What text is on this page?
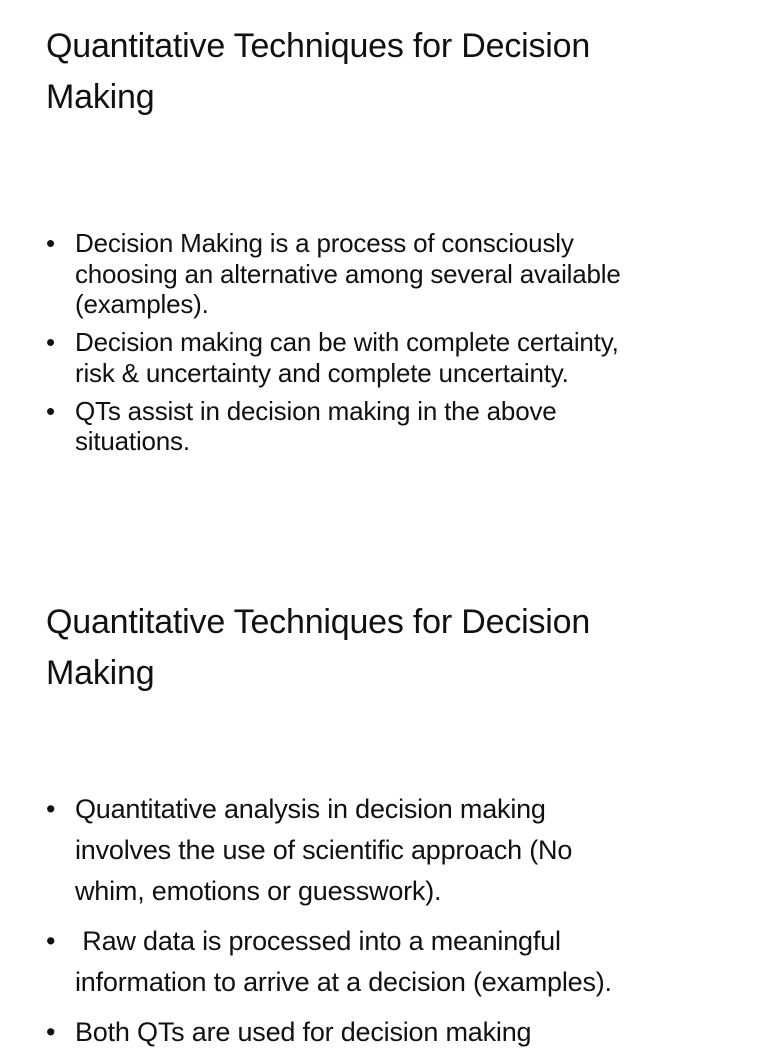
Quantitative Techniques for Decision
Making
• Decision Making is a process of consciously
choosing an alternative among several available
(examples).
• Decision making can be with complete certainty,
risk & uncertainty and complete uncertainty.
• QTs assist in decision making in the above
situations.
Quantitative Techniques for Decision
Making
• Quantitative analysis in decision making
involves the use of scientific approach (No
whim, emotions or guesswork).
• Raw data is processed into a meaningful
information to arrive at a decision (examples).
• Both QTs are used for decision making
